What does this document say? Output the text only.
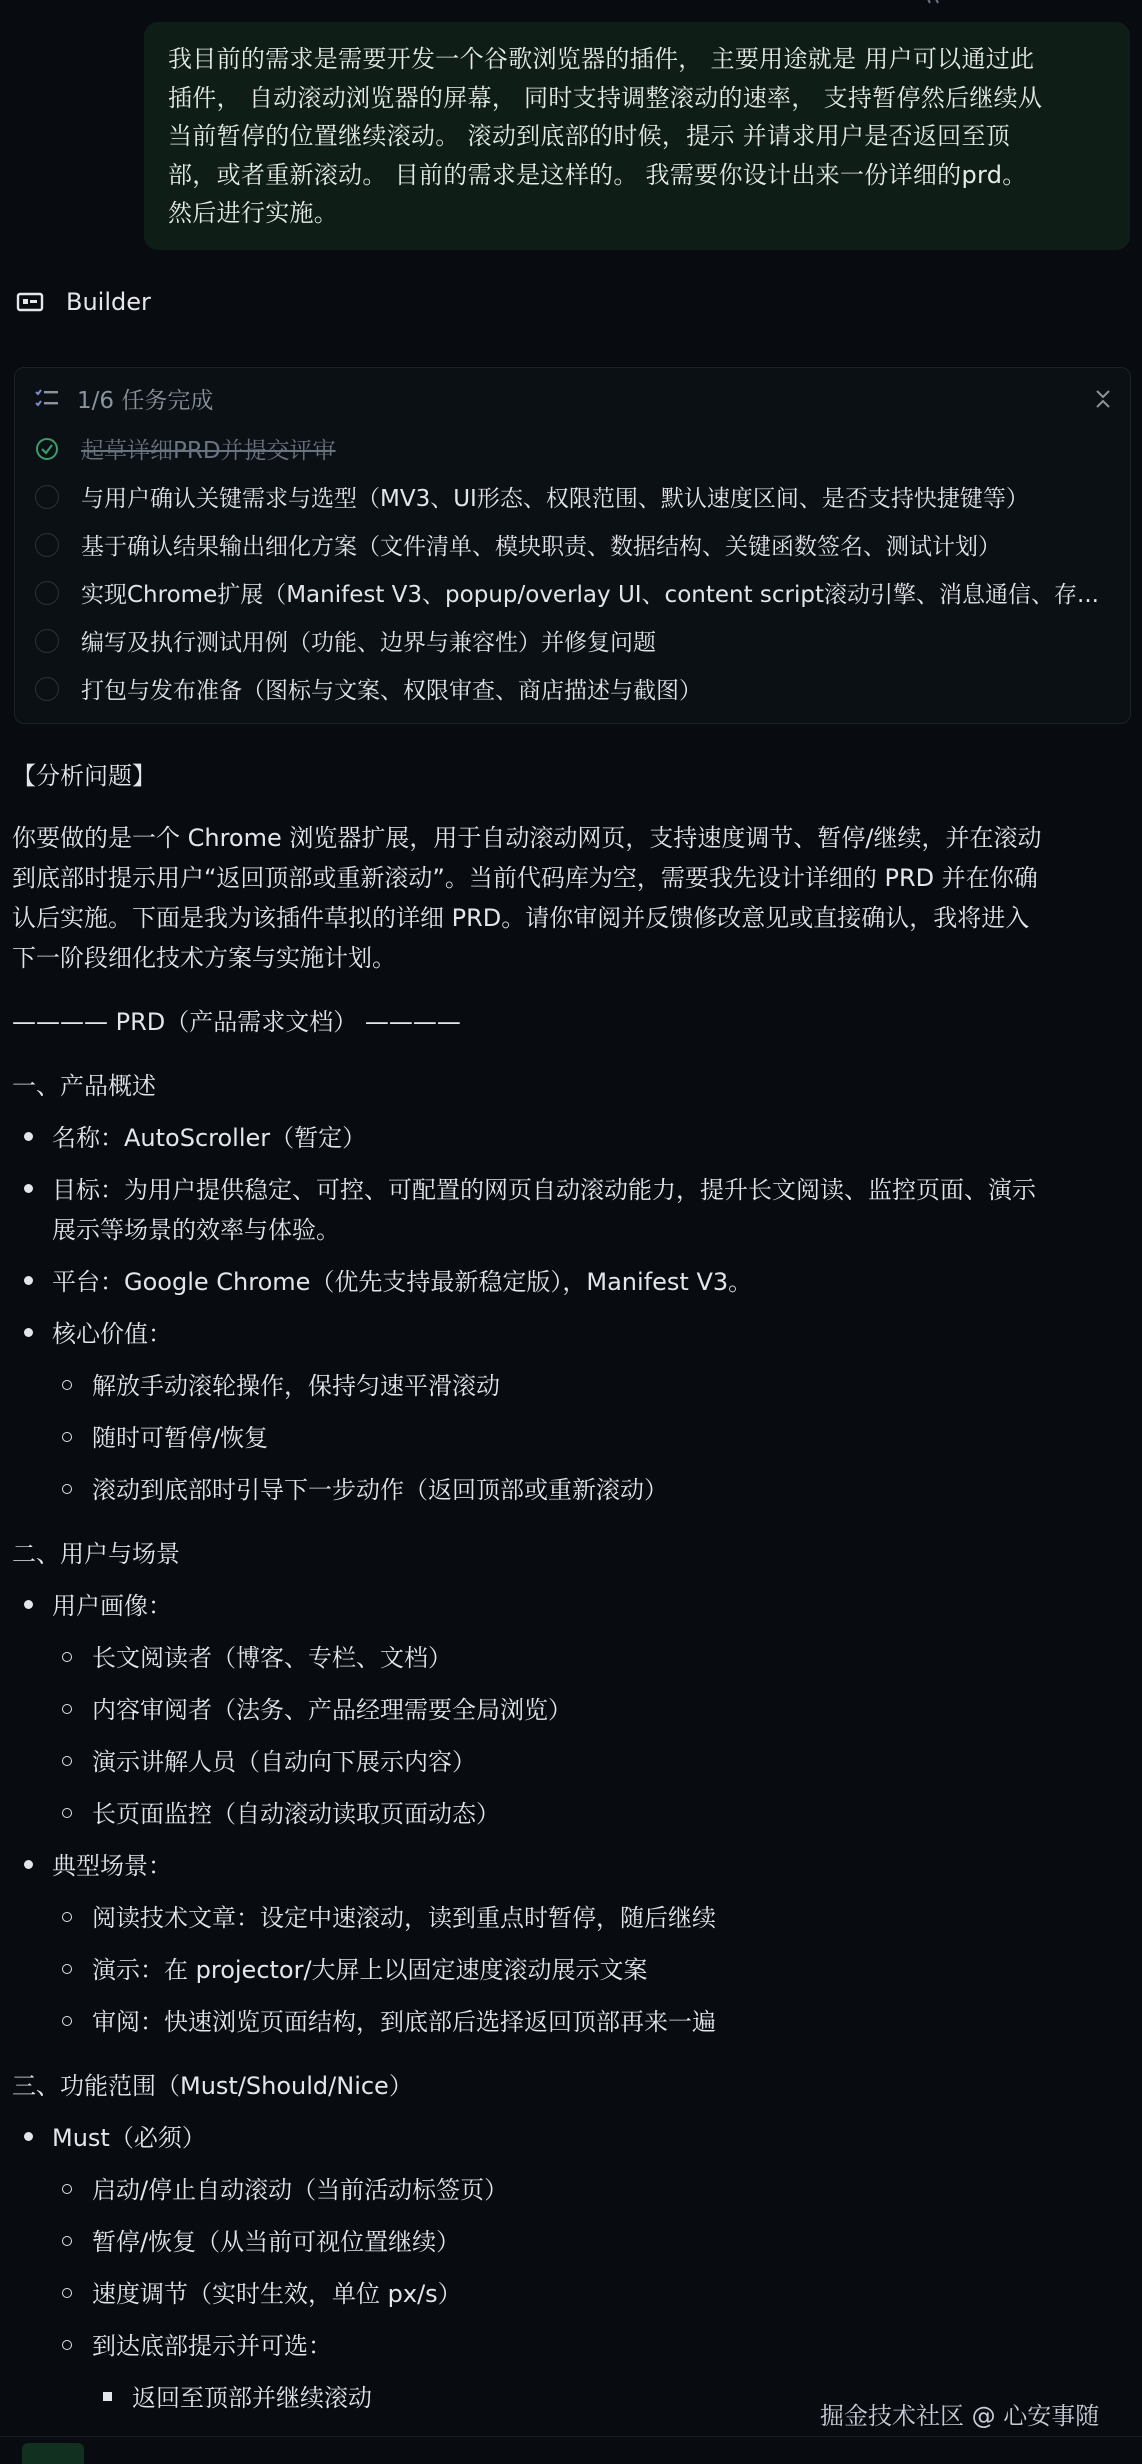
我目前的需求是需要开发一个谷歌浏览器的插件， 主要用途就是 用户可以通过此

插件， 自动滚动浏览器的屏幕， 同时支持调整滚动的速率， 支持暂停然后继续从

当前暂停的位置继续滚动。 滚动到底部的时候，提示 并请求用户是否返回至顶

部，或者重新滚动。 目前的需求是这样的。 我需要你设计出来一份详细的prd。

然后进行实施。

Builder
1/6 任务完成
起草详细PRD并提交评审
与用户确认关键需求与选型（MV3、UI形态、权限范围、默认速度区间、是否支持快捷键等）
基于确认结果输出细化方案（文件清单、模块职责、数据结构、关键函数签名、测试计划）
实现Chrome扩展（Manifest V3、popup/overlay UI、content script滚动引擎、消息通信、存...
编写及执行测试用例（功能、边界与兼容性）并修复问题
打包与发布准备（图标与文案、权限审查、商店描述与截图）
【分析问题】
你要做的是一个 Chrome 浏览器扩展，用于自动滚动网页，支持速度调节、暂停/继续，并在滚动
到底部时提示用户“返回顶部或重新滚动”。当前代码库为空，需要我先设计详细的 PRD 并在你确
认后实施。下面是我为该插件草拟的详细 PRD。请你审阅并反馈修改意见或直接确认，我将进入
下一阶段细化技术方案与实施计划。
———— PRD（产品需求文档） ————
一、产品概述
名称：AutoScroller（暂定）
目标：为用户提供稳定、可控、可配置的网页自动滚动能力，提升长文阅读、监控页面、演示
展示等场景的效率与体验。
平台：Google Chrome（优先支持最新稳定版），Manifest V3。
核心价值：
解放手动滚轮操作，保持匀速平滑滚动
随时可暂停/恢复
滚动到底部时引导下一步动作（返回顶部或重新滚动）
二、用户与场景
用户画像：
长文阅读者（博客、专栏、文档）
内容审阅者（法务、产品经理需要全局浏览）
演示讲解人员（自动向下展示内容）
长页面监控（自动滚动读取页面动态）
典型场景：
阅读技术文章：设定中速滚动，读到重点时暂停，随后继续
演示：在 projector/大屏上以固定速度滚动展示文案
审阅：快速浏览页面结构，到底部后选择返回顶部再来一遍
三、功能范围（Must/Should/Nice）
Must（必须）
启动/停止自动滚动（当前活动标签页）
暂停/恢复（从当前可视位置继续）
速度调节（实时生效，单位 px/s）
到达底部提示并可选：
返回至顶部并继续滚动
掘金技术社区 @ 心安事随
